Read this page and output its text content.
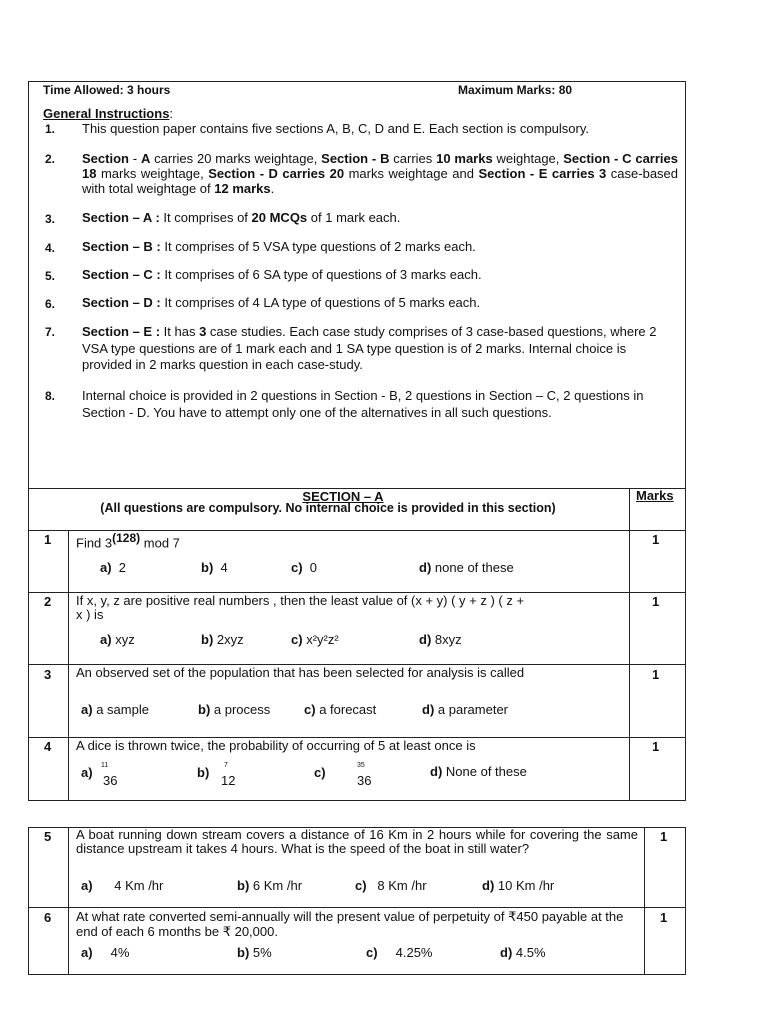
Time Allowed: 3 hours	Maximum Marks: 80
General Instructions:
1. This question paper contains five sections A, B, C, D and E. Each section is compulsory.
2. Section - A carries 20 marks weightage, Section - B carries 10 marks weightage, Section - C carries 18 marks weightage, Section - D carries 20 marks weightage and Section - E carries 3 case-based with total weightage of 12 marks.
3. Section – A : It comprises of 20 MCQs of 1 mark each.
4. Section – B : It comprises of 5 VSA type questions of 2 marks each.
5. Section – C : It comprises of 6 SA type of questions of 3 marks each.
6. Section – D : It comprises of 4 LA type of questions of 5 marks each.
7. Section – E : It has 3 case studies. Each case study comprises of 3 case-based questions, where 2 VSA type questions are of 1 mark each and 1 SA type question is of 2 marks. Internal choice is provided in 2 marks question in each case-study.
8. Internal choice is provided in 2 questions in Section - B, 2 questions in Section – C, 2 questions in Section - D. You have to attempt only one of the alternatives in all such questions.
SECTION – A
(All questions are compulsory. No internal choice is provided in this section)
Marks
1 Find 3$^{(128)}$ mod 7	1
a) 2	b) 4	c) 0	d) none of these
2 If x, y, z are positive real numbers , then the least value of (x + y) ( y + z ) ( z + x ) is
1
a) xyz	b) 2xyz	c) x²y²z²	d) 8xyz
3 An observed set of the population that has been selected for analysis is called	1
a) a sample	b) a process	c) a forecast	d) a parameter
4 A dice is thrown twice, the probability of occurring of 5 at least once is	1
a) 11
36
b) 7
12
c)	35
36
d) None of these
5 A boat running down stream covers a distance of 16 Km in 2 hours while for covering the same distance upstream it takes 4 hours. What is the speed of the boat in still water?
1
a) 4 Km /hr	b) 6 Km /hr	c) 8 Km /hr	d) 10 Km /hr
6 At what rate converted semi-annually will the present value of perpetuity of ₹450 payable at the end of each 6 months be ₹ 20,000.
1
a) 4%	b) 5%	c) 4.25%	d) 4.5%
